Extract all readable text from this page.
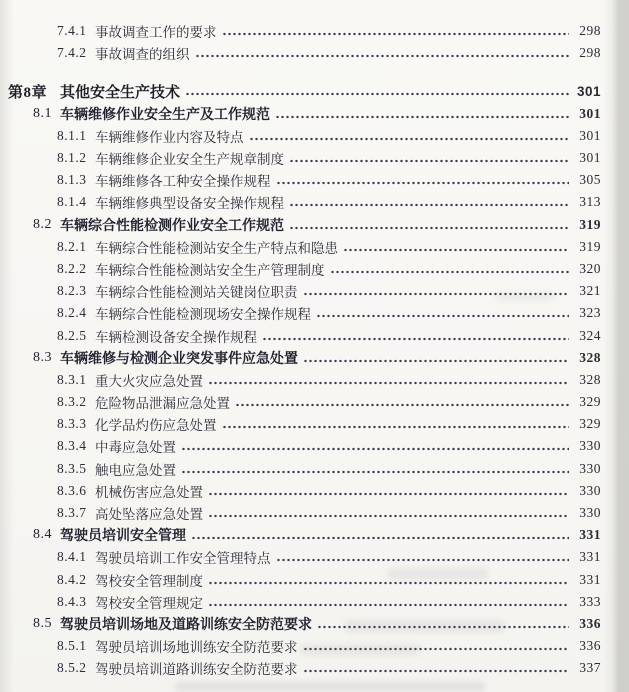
7.4.1 事故调查工作的要求	298
7.4.2 事故调查的组织	298
第8章 其他安全生产技术	301
8.1 车辆维修作业安全生产及工作规范	301
8.1.1 车辆维修作业内容及特点	301
8.1.2 车辆维修企业安全生产规章制度	301
8.1.3 车辆维修各工种安全操作规程	305
8.1.4 车辆维修典型设备安全操作规程	313
8.2 车辆综合性能检测作业安全工作规范	319
8.2.1 车辆综合性能检测站安全生产特点和隐患	319
8.2.2 车辆综合性能检测站安全生产管理制度	320
8.2.3 车辆综合性能检测站关键岗位职责	321
8.2.4 车辆综合性能检测现场安全操作规程	323
8.2.5 车辆检测设备安全操作规程	324
8.3 车辆维修与检测企业突发事件应急处置	328
8.3.1 重大火灾应急处置	328
8.3.2 危险物品泄漏应急处置	329
8.3.3 化学品灼伤应急处置	329
8.3.4 中毒应急处置	330
8.3.5 触电应急处置	330
8.3.6 机械伤害应急处置	330
8.3.7 高处坠落应急处置	330
8.4 驾驶员培训安全管理	331
8.4.1 驾驶员培训工作安全管理特点	331
8.4.2 驾校安全管理制度	331
8.4.3 驾校安全管理规定	333
8.5 驾驶员培训场地及道路训练安全防范要求	336
8.5.1 驾驶员培训场地训练安全防范要求	336
8.5.2 驾驶员培训道路训练安全防范要求	337
